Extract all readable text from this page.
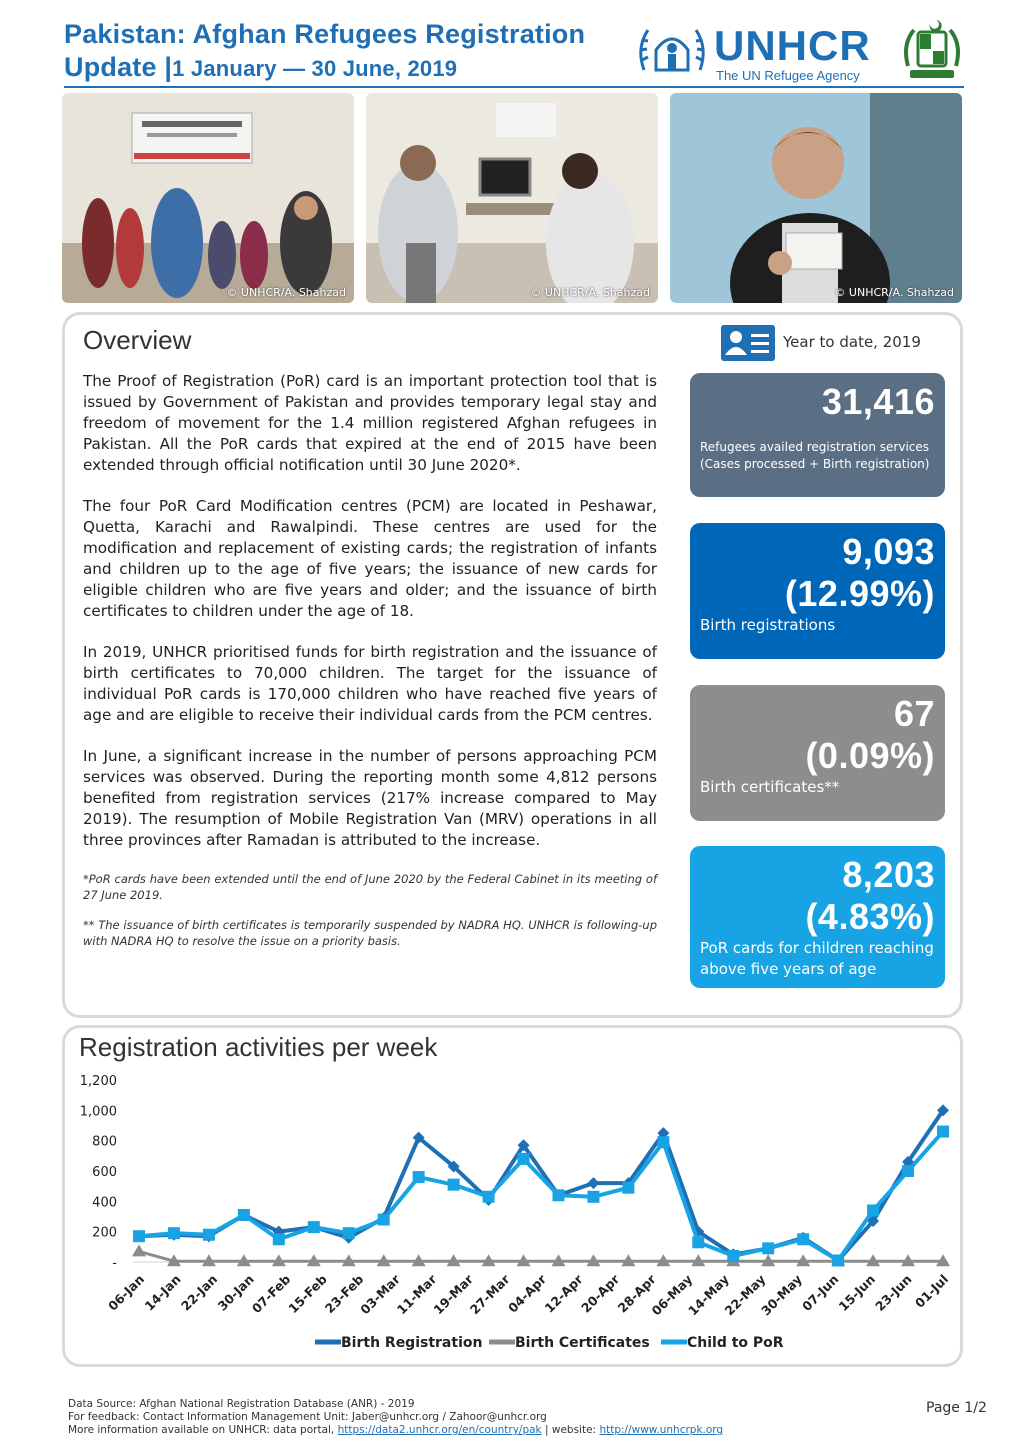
Pakistan: Afghan Refugees Registration
Update |1 January — 30 June, 2019	UNHCR
The UN Refugee Agency
© UNHCR/A. Shahzad	© UNHCR/A. Shahzad	© UNHCR/A. Shahzad
Overview

The Proof of Registration (PoR) card is an important protection tool that is issued by Government of Pakistan and provides temporary legal stay and freedom of movement for the 1.4 million registered Afghan refugees in Pakistan. All the PoR cards that expired at the end of 2015 have been extended through official notification until 30 June 2020*.

The four PoR Card Modification centres (PCM) are located in Peshawar, Quetta, Karachi and Rawalpindi. These centres are used for the modification and replacement of existing cards; the registration of infants and children up to the age of five years; the issuance of new cards for eligible children who are five years and older; and the issuance of birth certificates to children under the age of 18.

In 2019, UNHCR prioritised funds for birth registration and the issuance of birth certificates to 70,000 children. The target for the issuance of individual PoR cards is 170,000 children who have reached five years of age and are eligible to receive their individual cards from the PCM centres.

In June, a significant increase in the number of persons approaching PCM services was observed. During the reporting month some 4,812 persons benefited from registration services (217% increase compared to May 2019). The resumption of Mobile Registration Van (MRV) operations in all three provinces after Ramadan is attributed to the increase.

*PoR cards have been extended until the end of June 2020 by the Federal Cabinet in its meeting of 27 June 2019.

** The issuance of birth certificates is temporarily suspended by NADRA HQ. UNHCR is following-up with NADRA HQ to resolve the issue on a priority basis.

Year to date, 2019
31,416
Refugees availed registration services (Cases processed + Birth registration)
9,093
(12.99%)
Birth registrations
67
(0.09%)
Birth certificates**
8,203
(4.83%)
PoR cards for children reaching above five years of age
Registration activities per week
-
200
400
600
800
1,000
1,200
06-Jan
14-Jan
22-Jan
30-Jan
07-Feb
15-Feb
23-Feb
03-Mar
11-Mar
19-Mar
27-Mar
04-Apr
12-Apr
20-Apr
28-Apr
06-May
14-May
22-May
30-May
07-Jun
15-Jun
23-Jun
01-Jul
Birth Registration Birth Certificates	Child to PoR
Data Source: Afghan National Registration Database (ANR) - 2019
For feedback: Contact Information Management Unit: Jaber@unhcr.org / Zahoor@unhcr.org
More information available on UNHCR: data portal, https://data2.unhcr.org/en/country/pak | website: http://www.unhcrpk.org
Page 1/2
